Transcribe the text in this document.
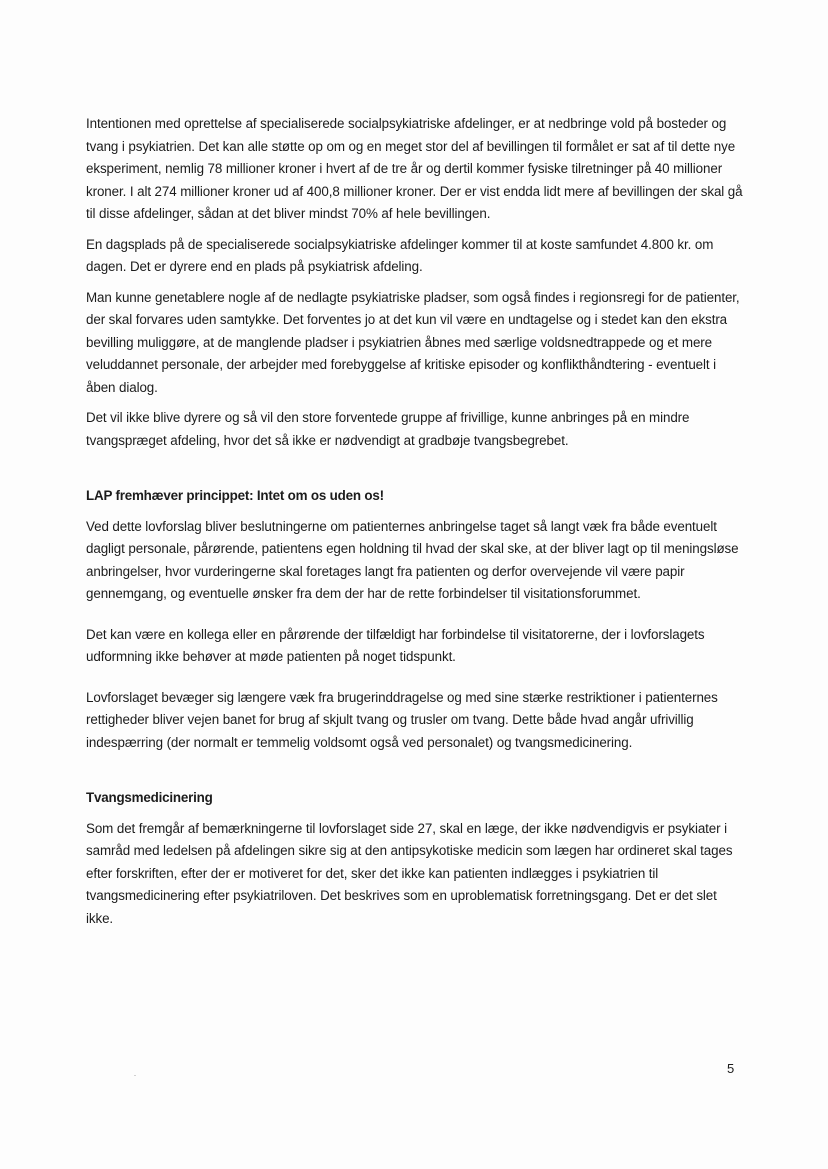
Intentionen med oprettelse af specialiserede socialpsykiatriske afdelinger, er at nedbringe vold på bosteder og tvang i psykiatrien. Det kan alle støtte op om og en meget stor del af bevillingen til formålet er sat af til dette nye eksperiment, nemlig 78 millioner kroner i hvert af de tre år og dertil kommer fysiske tilretninger på 40 millioner kroner. I alt 274 millioner kroner ud af 400,8 millioner kroner. Der er vist endda lidt mere af bevillingen der skal gå til disse afdelinger, sådan at det bliver mindst 70% af hele bevillingen.

En dagsplads på de specialiserede socialpsykiatriske afdelinger kommer til at koste samfundet 4.800 kr. om dagen. Det er dyrere end en plads på psykiatrisk afdeling.

Man kunne genetablere nogle af de nedlagte psykiatriske pladser, som også findes i regionsregi for de patienter, der skal forvares uden samtykke. Det forventes jo at det kun vil være en undtagelse og i stedet kan den ekstra bevilling muliggøre, at de manglende pladser i psykiatrien åbnes med særlige voldsnedtrappede og et mere veluddannet personale, der arbejder med forebyggelse af kritiske episoder og konflikthåndtering - eventuelt i åben dialog.

Det vil ikke blive dyrere og så vil den store forventede gruppe af frivillige, kunne anbringes på en mindre tvangspræget afdeling, hvor det så ikke er nødvendigt at gradbøje tvangsbegrebet.

LAP fremhæver princippet: Intet om os uden os!

Ved dette lovforslag bliver beslutningerne om patienternes anbringelse taget så langt væk fra både eventuelt dagligt personale, pårørende, patientens egen holdning til hvad der skal ske, at der bliver lagt op til meningsløse anbringelser, hvor vurderingerne skal foretages langt fra patienten og derfor overvejende vil være papir gennemgang, og eventuelle ønsker fra dem der har de rette forbindelser til visitationsforummet.

Det kan være en kollega eller en pårørende der tilfældigt har forbindelse til visitatorerne, der i lovforslagets udformning ikke behøver at møde patienten på noget tidspunkt.

Lovforslaget bevæger sig længere væk fra brugerinddragelse og med sine stærke restriktioner i patienternes rettigheder bliver vejen banet for brug af skjult tvang og trusler om tvang. Dette både hvad angår ufrivillig indespærring (der normalt er temmelig voldsomt også ved personalet) og tvangsmedicinering.

Tvangsmedicinering

Som det fremgår af bemærkningerne til lovforslaget side 27, skal en læge, der ikke nødvendigvis er psykiater i samråd med ledelsen på afdelingen sikre sig at den antipsykotiske medicin som lægen har ordineret skal tages efter forskriften, efter der er motiveret for det, sker det ikke kan patienten indlægges i psykiatrien til tvangsmedicinering efter psykiatriloven. Det beskrives som en uproblematisk forretningsgang. Det er det slet ikke.

5
